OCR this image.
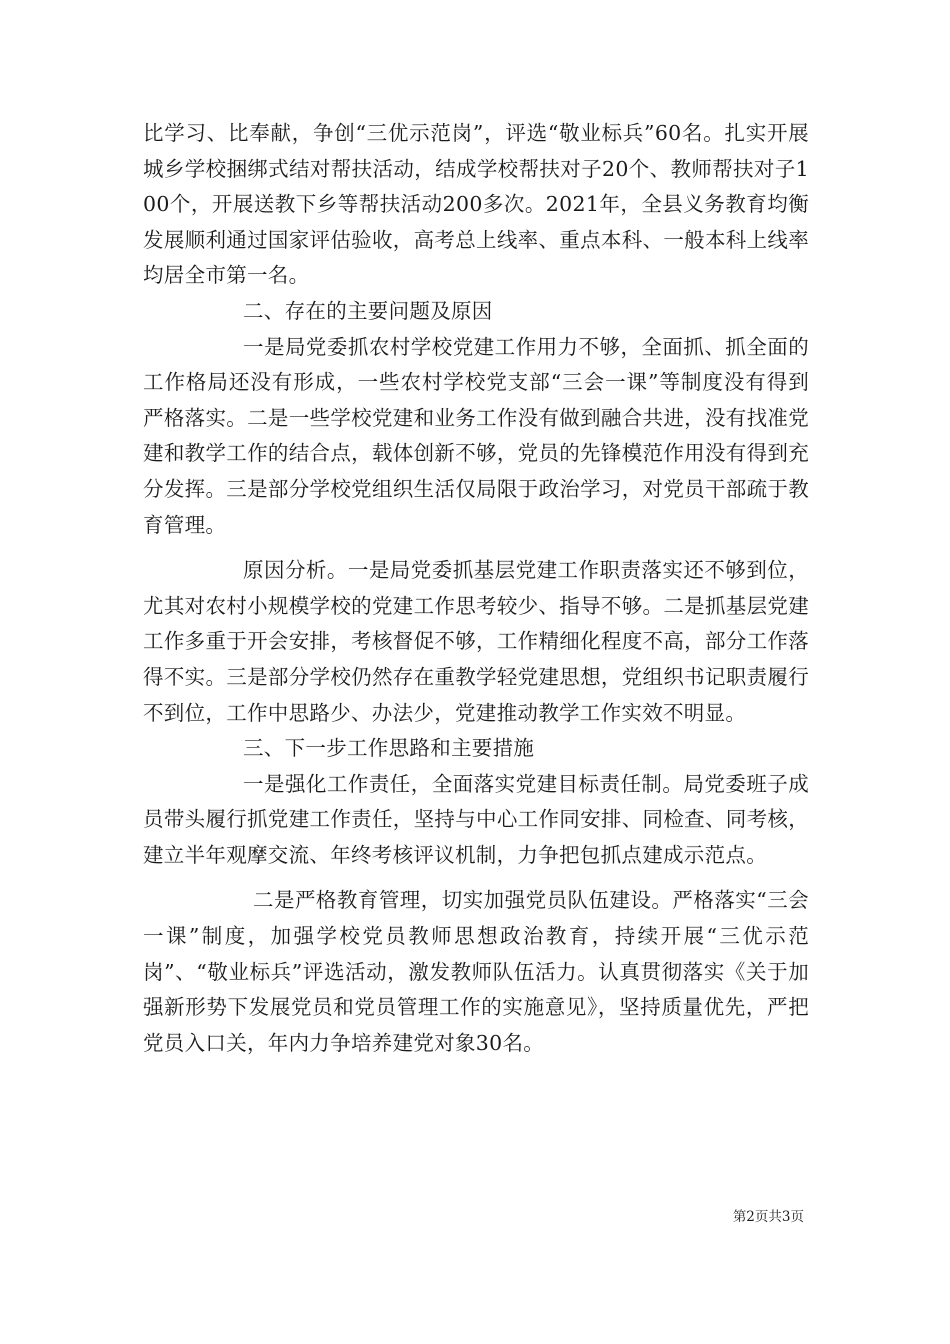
比学习、比奉献，争创“三优示范岗”，评选“敬业标兵”60名。扎实开展城乡学校捆绑式结对帮扶活动，结成学校帮扶对子20个、教师帮扶对子100个，开展送教下乡等帮扶活动200多次。2021年，全县义务教育均衡发展顺利通过国家评估验收，高考总上线率、重点本科、一般本科上线率均居全市第一名。

二、存在的主要问题及原因

一是局党委抓农村学校党建工作用力不够，全面抓、抓全面的工作格局还没有形成，一些农村学校党支部“三会一课”等制度没有得到严格落实。二是一些学校党建和业务工作没有做到融合共进，没有找准党建和教学工作的结合点，载体创新不够，党员的先锋模范作用没有得到充分发挥。三是部分学校党组织生活仅局限于政治学习，对党员干部疏于教育管理。

原因分析。一是局党委抓基层党建工作职责落实还不够到位，尤其对农村小规模学校的党建工作思考较少、指导不够。二是抓基层党建工作多重于开会安排，考核督促不够，工作精细化程度不高，部分工作落得不实。三是部分学校仍然存在重教学轻党建思想，党组织书记职责履行不到位，工作中思路少、办法少，党建推动教学工作实效不明显。

三、下一步工作思路和主要措施

一是强化工作责任，全面落实党建目标责任制。局党委班子成员带头履行抓党建工作责任，坚持与中心工作同安排、同检查、同考核，建立半年观摩交流、年终考核评议机制，力争把包抓点建成示范点。

二是严格教育管理，切实加强党员队伍建设。严格落实“三会一课”制度，加强学校党员教师思想政治教育，持续开展“三优示范岗”、“敬业标兵”评选活动，激发教师队伍活力。认真贯彻落实《关于加强新形势下发展党员和党员管理工作的实施意见》，坚持质量优先，严把党员入口关，年内力争培养建党对象30名。

第2页共3页
